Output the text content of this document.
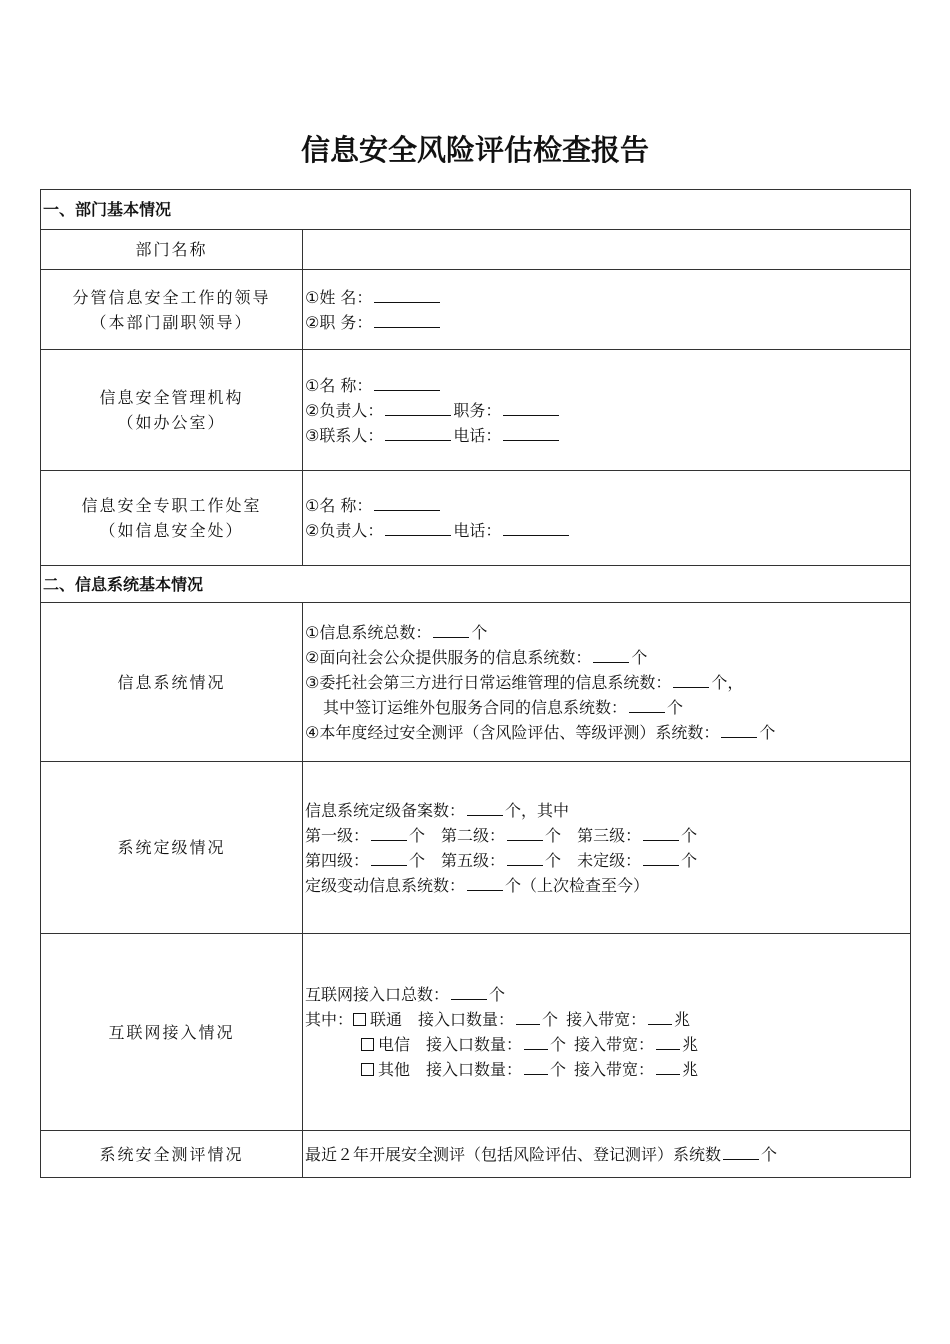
信息安全风险评估检查报告
一、部门基本情况	
部门名称	

分管信息安全工作的领导
（本部门副职领导）	①姓 名：
②职 务：

信息安全管理机构
（如办公室）	①名 称：
②负责人： 职务：
③联系人： 电话：

信息安全专职工作处室
（如信息安全处）	①名 称：
②负责人： 电话：

二、信息系统基本情况	
信息系统情况	①信息系统总数： 个
②面向社会公众提供服务的信息系统数： 个
③委托社会第三方进行日常运维管理的信息系统数： 个，
其中签订运维外包服务合同的信息系统数： 个
④本年度经过安全测评（含风险评估、等级评测）系统数： 个

系统定级情况	信息系统定级备案数： 个，其中
第一级： 个 第二级： 个 第三级： 个
第四级： 个 第五级： 个 未定级： 个
定级变动信息系统数： 个（上次检查至今）

互联网接入情况	互联网接入口总数： 个
其中： 联通 接入口数量： 个 接入带宽： 兆
电信 接入口数量： 个 接入带宽： 兆
其他 接入口数量： 个 接入带宽： 兆

系统安全测评情况	最近２年开展安全测评（包括风险评估、登记测评）系统数 个
